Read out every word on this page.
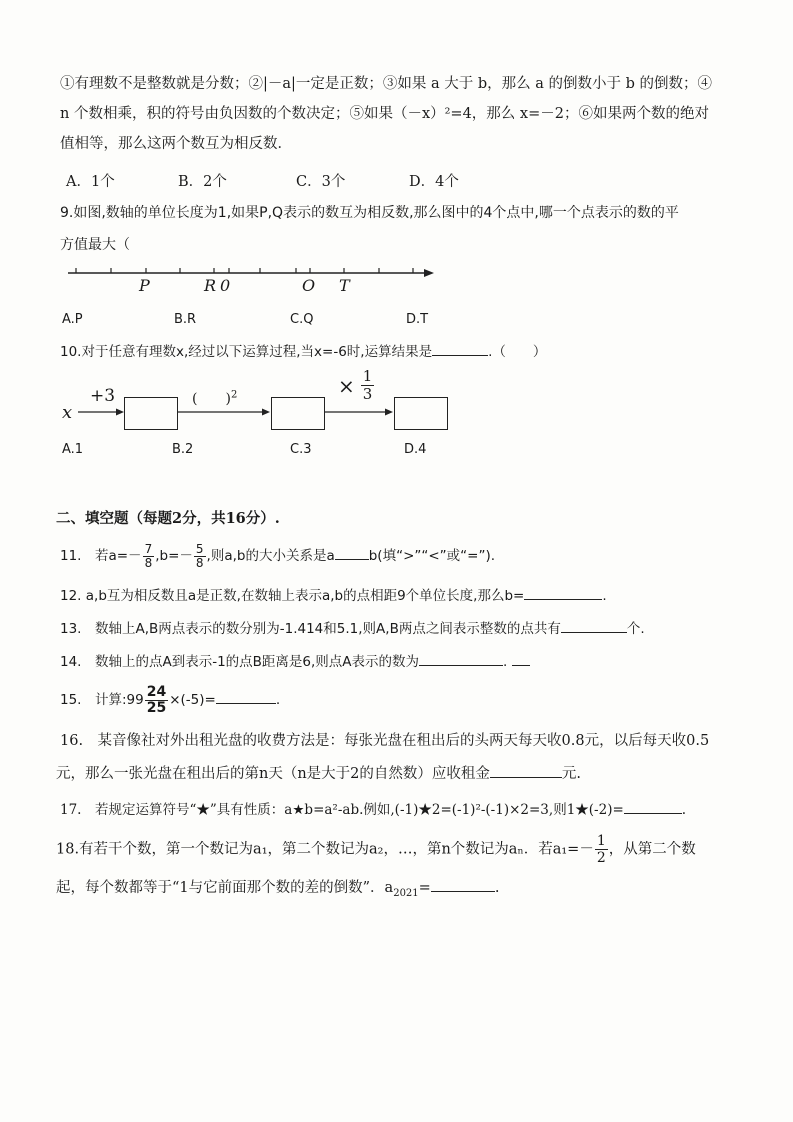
①有理数不是整数就是分数；②|－a|一定是正数；③如果 a 大于 b，那么 a 的倒数小于 b 的倒数；④
n 个数相乘，积的符号由负因数的个数决定；⑤如果（－x）²=4，那么 x=－2；⑥如果两个数的绝对
值相等，那么这两个数互为相反数．
A．1个	B．2个	C．3个	D．4个
9.如图,数轴的单位长度为1,如果P,Q表示的数互为相反数,那么图中的4个点中,哪一个点表示的数的平
方值最大（
P	R 0	O T
A.P	B.R	C.Q	D.T
10.对于任意有理数x,经过以下运算过程,当x=-6时,运算结果是	.（　　）
x
+3	(　　)$^2$	× $\frac{1}{3}$
A.1	B.2	C.3	D.4
二、填空题（每题2分，共16分）.
11.　若$a=- \frac{7}{8} ,b=- \frac{5}{8}$ ,则a,b的大小关系是a	b(填“>”“<”或“=”).
12. a,b互为相反数且a是正数,在数轴上表示a,b的点相距9个单位长度,那么b=	.
13.　数轴上A,B两点表示的数分别为-1.414和5.1,则A,B两点之间表示整数的点共有	个.
14.　数轴上的点A到表示-1的点B距离是6,则点A表示的数为	.
15.　计算:99 $\frac{24}{25} \times(-5)=$	.
16.　某音像社对外出租光盘的收费方法是：每张光盘在租出后的头两天每天收0.8元，以后每天收0.5
元，那么一张光盘在租出后的第n天（n是大于2的自然数）应收租金	元.
17.　若规定运算符号“★”具有性质：a★b=a²-ab.例如,(-1)★2=(-1)²-(-1)×2=3,则1★(-2)=	.
18.有若干个数，第一个数记为a₁，第二个数记为a₂，…，第n个数记为aₙ．若$a_1=- \frac{1}{2}$ ，从第二个数
起，每个数都等于“1与它前面那个数的差的倒数”．$a_{2021}=$	.
